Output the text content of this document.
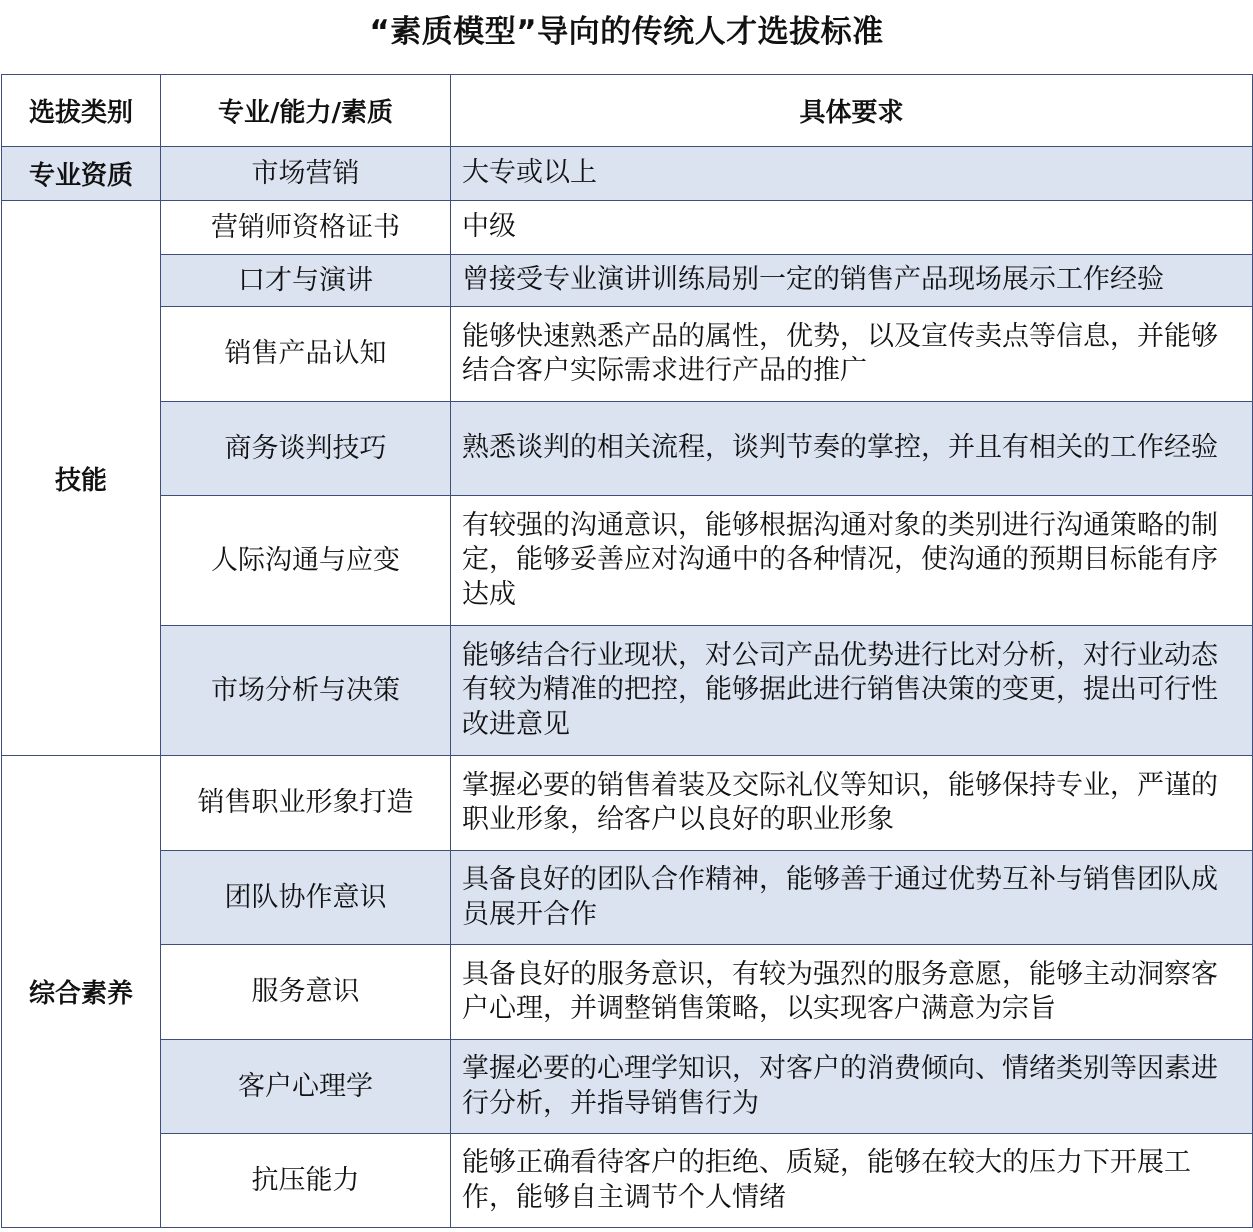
“素质模型”导向的传统人才选拔标准
选拔类别	专业/能力/素质	具体要求
专业资质	市场营销	大专或以上
技能	营销师资格证书	中级
	口才与演讲	曾接受专业演讲训练局别一定的销售产品现场展示工作经验
	销售产品认知	能够快速熟悉产品的属性，优势，以及宣传卖点等信息，并能够结合客户实际需求进行产品的推广
	商务谈判技巧	熟悉谈判的相关流程，谈判节奏的掌控，并且有相关的工作经验
	人际沟通与应变	有较强的沟通意识，能够根据沟通对象的类别进行沟通策略的制定，能够妥善应对沟通中的各种情况，使沟通的预期目标能有序达成
	市场分析与决策	能够结合行业现状，对公司产品优势进行比对分析，对行业动态有较为精准的把控，能够据此进行销售决策的变更，提出可行性改进意见
综合素养	销售职业形象打造	掌握必要的销售着装及交际礼仪等知识，能够保持专业，严谨的职业形象，给客户以良好的职业形象
	团队协作意识	具备良好的团队合作精神，能够善于通过优势互补与销售团队成员展开合作
	服务意识	具备良好的服务意识，有较为强烈的服务意愿，能够主动洞察客户心理，并调整销售策略，以实现客户满意为宗旨
	客户心理学	掌握必要的心理学知识，对客户的消费倾向、情绪类别等因素进行分析，并指导销售行为
	抗压能力	能够正确看待客户的拒绝、质疑，能够在较大的压力下开展工作，能够自主调节个人情绪
